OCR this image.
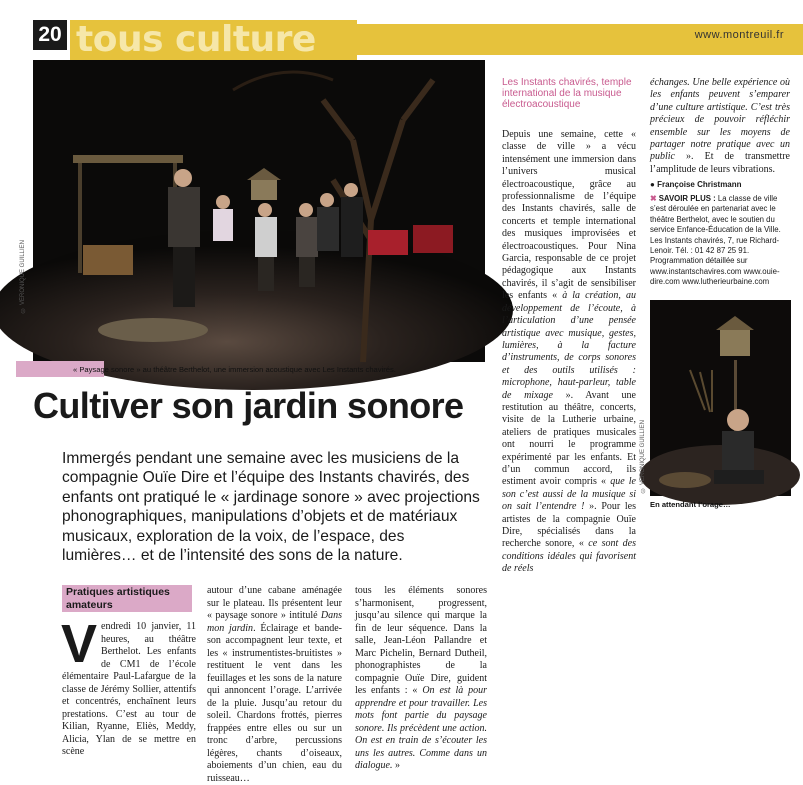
20 tous culture	www.montreuil.fr
© VÉRONIQUE GUILLIEN
« Paysage sonore » au théâtre Berthelot, une immersion acoustique avec Les Instants chavirés.
Cultiver son jardin sonore
Immergés pendant une semaine avec les musiciens de la compagnie Ouïe Dire et l’équipe des Instants chavirés, des enfants ont pratiqué le « jardinage sonore » avec projections phonographiques, manipulations d’objets et de matériaux musicaux, exploration de la voix, de l’espace, des lumières… et de l’intensité des sons de la nature.
Pratiques artistiques amateurs

Vendredi 10 janvier, 11 heures, au théâtre Berthelot. Les enfants de CM1 de l’école élémentaire Paul-Lafargue de la classe de Jérémy Sollier, attentifs et concentrés, enchaînent leurs prestations. C’est au tour de Kilian, Ryanne, Eliès, Meddy, Alicia, Ylan de se mettre en scène

autour d’une cabane aménagée sur le plateau. Ils présentent leur « paysage sonore » intitulé Dans mon jardin. Éclairage et bande-son accompagnent leur texte, et les « instrumentistes-bruitistes » restituent le vent dans les feuillages et les sons de la nature qui annoncent l’orage. L’arrivée de la pluie. Jusqu’au retour du soleil. Chardons frottés, pierres frappées entre elles ou sur un tronc d’arbre, percussions légères, chants d’oiseaux, aboiements d’un chien, eau du ruisseau…

tous les éléments sonores s’harmonisent, progressent, jusqu’au silence qui marque la fin de leur séquence. Dans la salle, Jean-Léon Pallandre et Marc Pichelin, Bernard Dutheil, phonographistes de la compagnie Ouïe Dire, guident les enfants : « On est là pour apprendre et pour travailler. Les mots font partie du paysage sonore. Ils précèdent une action. On est en train de s’écouter les uns les autres. Comme dans un dialogue. »

Les Instants chavirés, temple international de la musique électroacoustique

Depuis une semaine, cette « classe de ville » a vécu intensément une immersion dans l’univers musical électroacoustique, grâce au professionnalisme de l’équipe des Instants chavirés, salle de concerts et temple international des musiques improvisées et électroacoustiques. Pour Nina Garcia, responsable de ce projet pédagogique aux Instants chavirés, il s’agit de sensibiliser les enfants « à la création, au développement de l’écoute, à l’articulation d’une pensée artistique avec musique, gestes, lumières, à la facture d’instruments, de corps sonores et des outils utilisés : microphone, haut-parleur, table de mixage ». Avant une restitution au théâtre, concerts, visite de la Lutherie urbaine, ateliers de pratiques musicales ont nourri le programme expérimenté par les enfants. Et d’un commun accord, ils estiment avoir compris « que le son c’est aussi de la musique si on sait l’entendre ! ». Pour les artistes de la compagnie Ouïe Dire, spécialisés dans la recherche sonore, « ce sont des conditions idéales qui favorisent de réels

échanges. Une belle expérience où les enfants peuvent s’emparer d’une culture artistique. C’est très précieux de pouvoir réfléchir ensemble sur les moyens de partager notre pratique avec un public ». Et de transmettre l’amplitude de leurs vibrations.

● Françoise Christmann

✖ SAVOIR PLUS : La classe de ville s’est déroulée en partenariat avec le théâtre Berthelot, avec le soutien du service Enfance-Éducation de la Ville. Les Instants chavirés, 7, rue Richard-Lenoir. Tél. : 01 42 87 25 91. Programmation détaillée sur www.instantschavires.com www.ouie-dire.com www.lutherieurbaine.com
© VÉRONIQUE GUILLIEN
En attendant l’orage…
